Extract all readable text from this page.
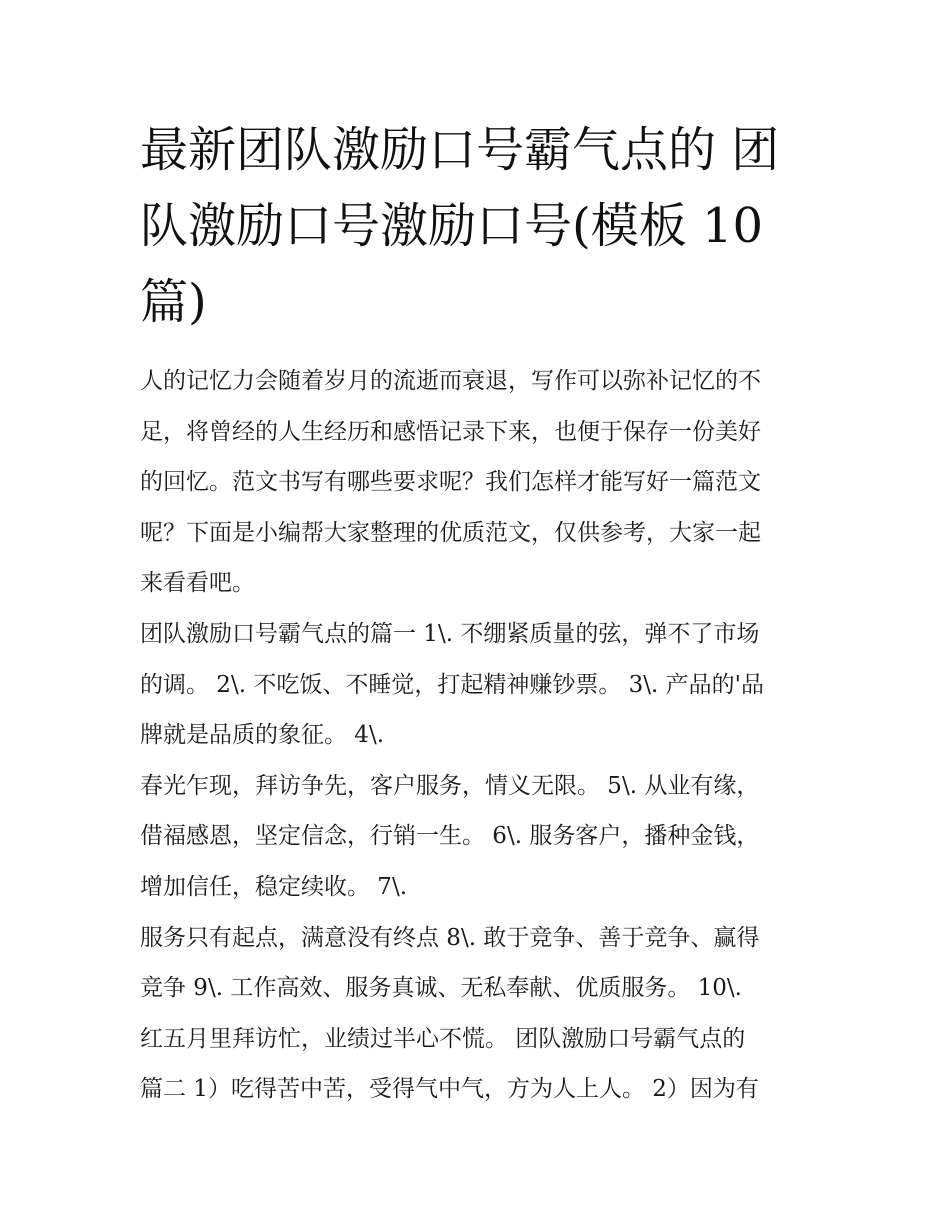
最新团队激励口号霸气点的 团
队激励口号激励口号(模板 10
篇)
人的记忆力会随着岁月的流逝而衰退，写作可以弥补记忆的不
足，将曾经的人生经历和感悟记录下来，也便于保存一份美好
的回忆。范文书写有哪些要求呢？我们怎样才能写好一篇范文
呢？下面是小编帮大家整理的优质范文，仅供参考，大家一起
来看看吧。
团队激励口号霸气点的篇一 1\. 不绷紧质量的弦，弹不了市场
的调。 2\. 不吃饭、不睡觉，打起精神赚钞票。 3\. 产品的'品
牌就是品质的象征。 4\.
春光乍现，拜访争先，客户服务，情义无限。 5\. 从业有缘，
借福感恩，坚定信念，行销一生。 6\. 服务客户，播种金钱，
增加信任，稳定续收。 7\.
服务只有起点，满意没有终点 8\. 敢于竞争、善于竞争、赢得
竞争 9\. 工作高效、服务真诚、无私奉献、优质服务。 10\.
红五月里拜访忙，业绩过半心不慌。 团队激励口号霸气点的
篇二 1）吃得苦中苦，受得气中气，方为人上人。 2）因为有
